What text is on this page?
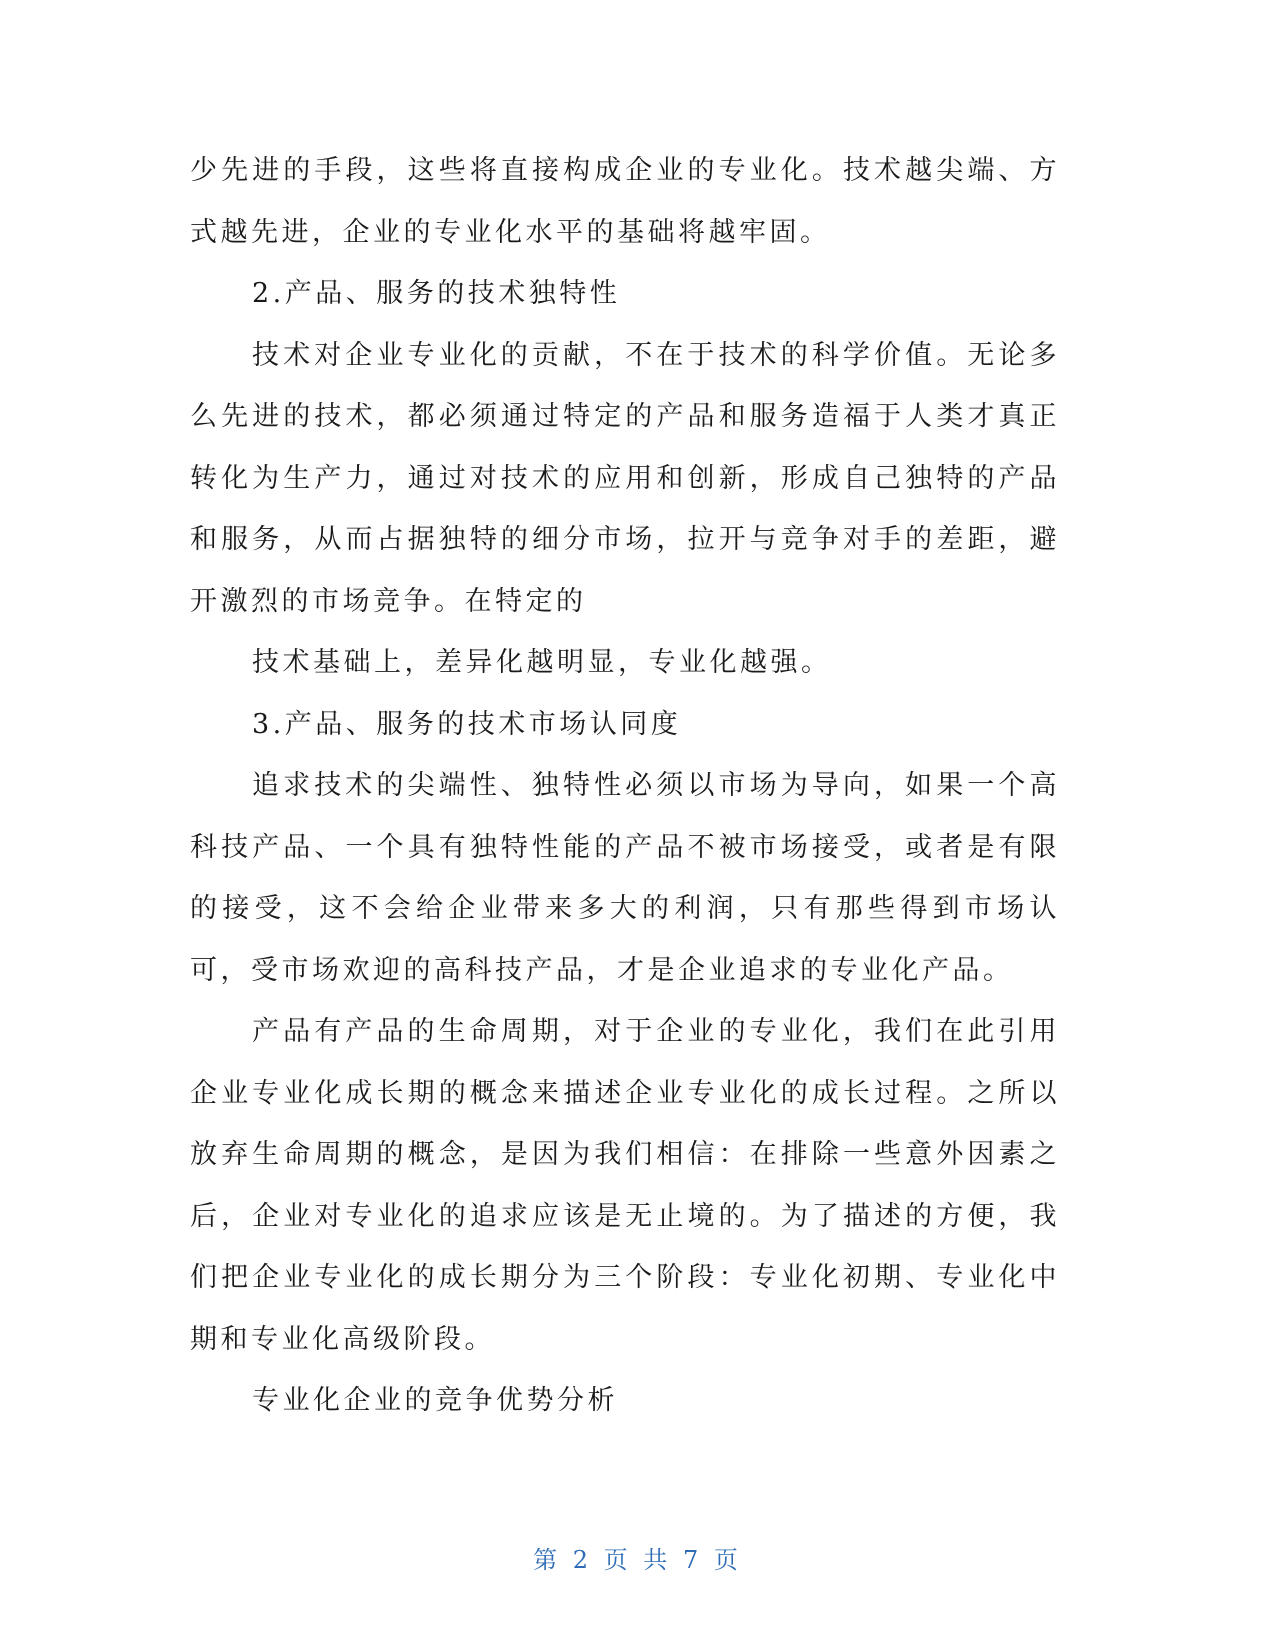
少先进的手段，这些将直接构成企业的专业化。技术越尖端、方式越先进，企业的专业化水平的基础将越牢固。

2.产品、服务的技术独特性

技术对企业专业化的贡献，不在于技术的科学价值。无论多么先进的技术，都必须通过特定的产品和服务造福于人类才真正转化为生产力，通过对技术的应用和创新，形成自己独特的产品和服务，从而占据独特的细分市场，拉开与竞争对手的差距，避开激烈的市场竞争。在特定的

技术基础上，差异化越明显，专业化越强。

3.产品、服务的技术市场认同度

追求技术的尖端性、独特性必须以市场为导向，如果一个高科技产品、一个具有独特性能的产品不被市场接受，或者是有限的接受，这不会给企业带来多大的利润，只有那些得到市场认可，受市场欢迎的高科技产品，才是企业追求的专业化产品。

产品有产品的生命周期，对于企业的专业化，我们在此引用企业专业化成长期的概念来描述企业专业化的成长过程。之所以放弃生命周期的概念，是因为我们相信：在排除一些意外因素之后，企业对专业化的追求应该是无止境的。为了描述的方便，我们把企业专业化的成长期分为三个阶段：专业化初期、专业化中期和专业化高级阶段。

专业化企业的竞争优势分析

第 2 页 共 7 页
